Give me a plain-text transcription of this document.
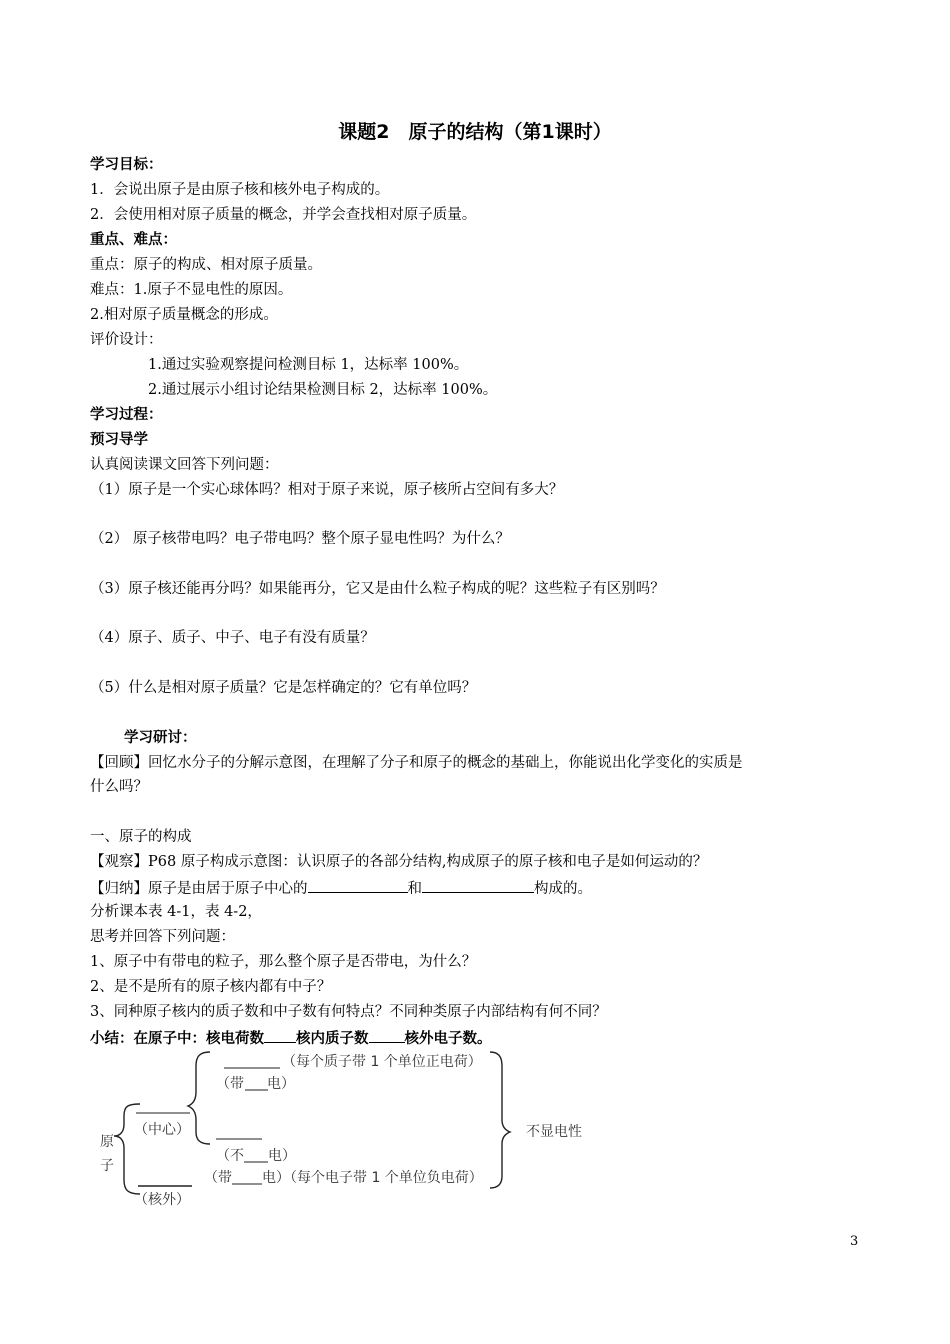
课题2　原子的结构（第1课时）
学习目标：
1．会说出原子是由原子核和核外电子构成的。
2．会使用相对原子质量的概念，并学会查找相对原子质量。
重点、难点：
重点：原子的构成、相对原子质量。
难点：1.原子不显电性的原因。
2.相对原子质量概念的形成。
评价设计：
1.通过实验观察提问检测目标 1，达标率 100%。
2.通过展示小组讨论结果检测目标 2，达标率 100%。
学习过程：
预习导学
认真阅读课文回答下列问题：
（1）原子是一个实心球体吗？相对于原子来说，原子核所占空间有多大？
（2） 原子核带电吗？电子带电吗？整个原子显电性吗？为什么？
（3）原子核还能再分吗？如果能再分，它又是由什么粒子构成的呢？这些粒子有区别吗？
（4）原子、质子、中子、电子有没有质量？
（5）什么是相对原子质量？它是怎样确定的？它有单位吗？
学习研讨：
【回顾】回忆水分子的分解示意图，在理解了分子和原子的概念的基础上，你能说出化学变化的实质是
什么吗？
一、原子的构成
【观察】P68 原子构成示意图：认识原子的各部分结构,构成原子的原子核和电子是如何运动的？
【归纳】原子是由居于原子中心的	和	构成的。
分析课本表 4-1，表 4-2，
思考并回答下列问题：
1、原子中有带电的粒子，那么整个原子是否带电，为什么？
2、是不是所有的原子核内都有中子？
3、同种原子核内的质子数和中子数有何特点？不同种类原子内部结构有何不同？
小结：在原子中：核电荷数 核内质子数 核外电子数。
原
子
（中心）
（核外）
（每个质子带 1 个单位正电荷）
（带 电）
（不 电）
（带 电）（每个电子带 1 个单位负电荷）
不显电性
3
